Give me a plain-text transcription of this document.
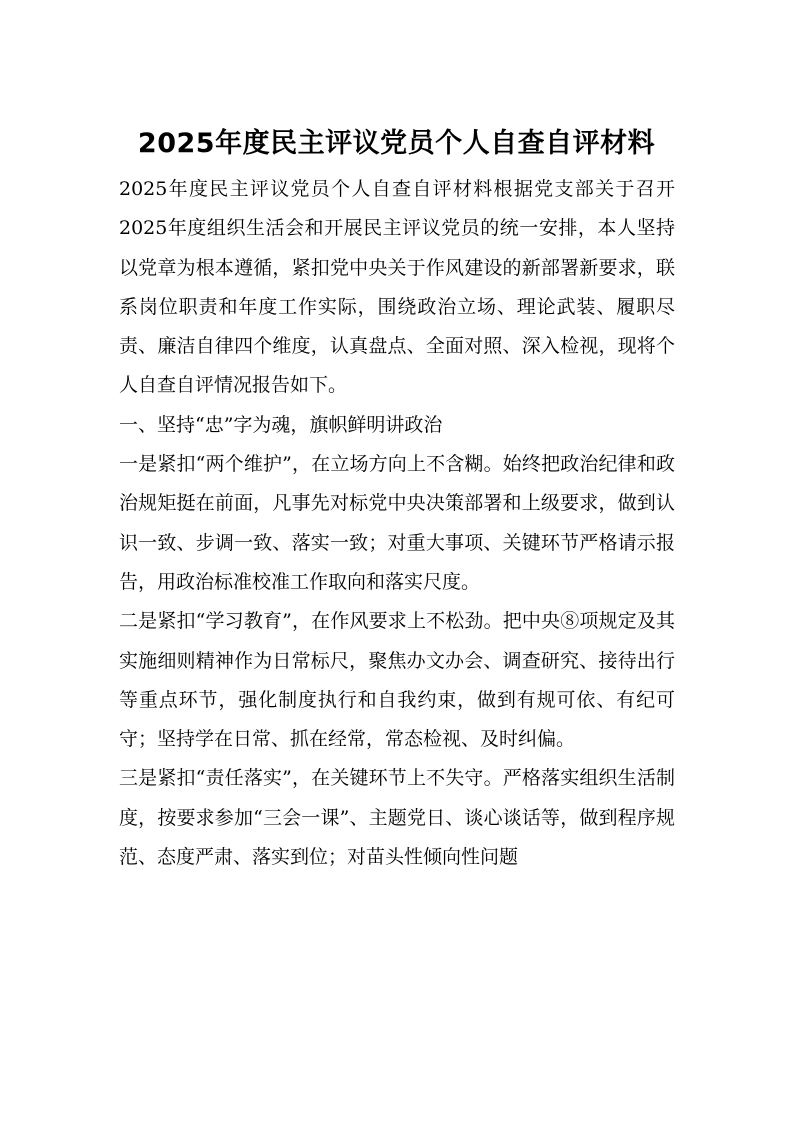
2025年度民主评议党员个人自查自评材料

2025年度民主评议党员个人自查自评材料根据党支部关于召开2025年度组织生活会和开展民主评议党员的统一安排，本人坚持以党章为根本遵循，紧扣党中央关于作风建设的新部署新要求，联系岗位职责和年度工作实际，围绕政治立场、理论武装、履职尽责、廉洁自律四个维度，认真盘点、全面对照、深入检视，现将个人自查自评情况报告如下。

一、坚持“忠”字为魂，旗帜鲜明讲政治

一是紧扣“两个维护”，在立场方向上不含糊。始终把政治纪律和政治规矩挺在前面，凡事先对标党中央决策部署和上级要求，做到认识一致、步调一致、落实一致；对重大事项、关键环节严格请示报告，用政治标准校准工作取向和落实尺度。

二是紧扣“学习教育”，在作风要求上不松劲。把中央⑧项规定及其实施细则精神作为日常标尺，聚焦办文办会、调查研究、接待出行等重点环节，强化制度执行和自我约束，做到有规可依、有纪可守；坚持学在日常、抓在经常，常态检视、及时纠偏。

三是紧扣“责任落实”，在关键环节上不失守。严格落实组织生活制度，按要求参加“三会一课”、主题党日、谈心谈话等，做到程序规范、态度严肃、落实到位；对苗头性倾向性问题
